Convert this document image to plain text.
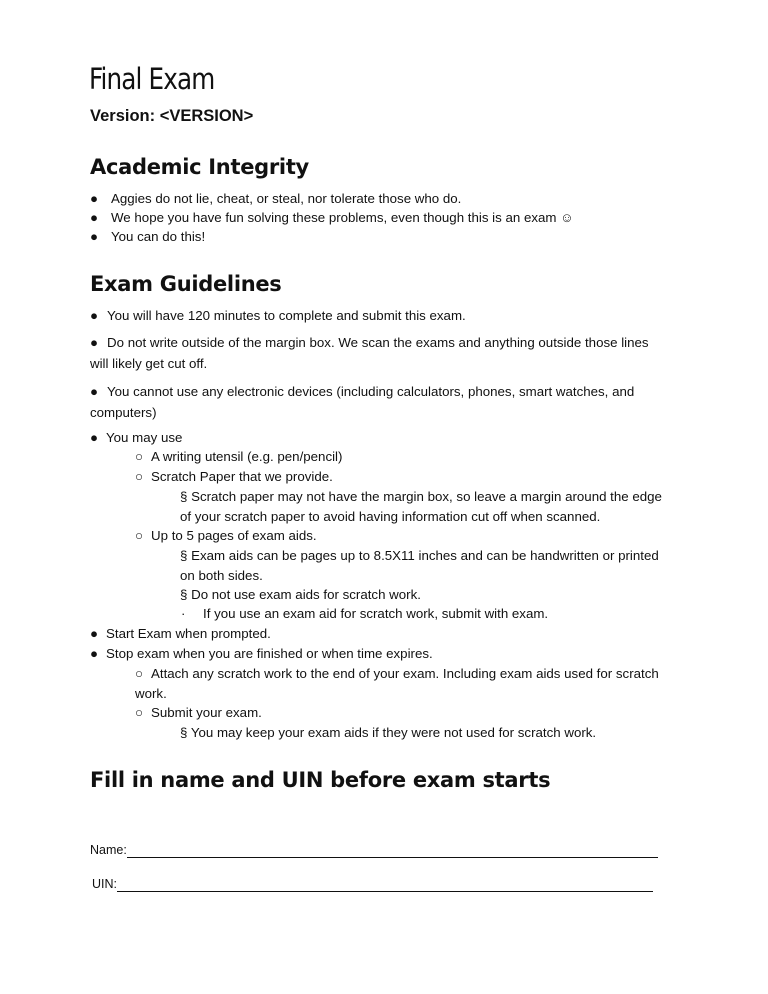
Final Exam
Version: <VERSION>
Academic Integrity
● Aggies do not lie, cheat, or steal, nor tolerate those who do.
● We hope you have fun solving these problems, even though this is an exam ☺
● You can do this!
Exam Guidelines
● You will have 120 minutes to complete and submit this exam.
● Do not write outside of the margin box. We scan the exams and anything outside those lines
will likely get cut off.
● You cannot use any electronic devices (including calculators, phones, smart watches, and
computers)
● You may use
○ A writing utensil (e.g. pen/pencil)
○ Scratch Paper that we provide.
§ Scratch paper may not have the margin box, so leave a margin around the edge
of your scratch paper to avoid having information cut off when scanned.
○ Up to 5 pages of exam aids.
§ Exam aids can be pages up to 8.5X11 inches and can be handwritten or printed
on both sides.
§ Do not use exam aids for scratch work.
· If you use an exam aid for scratch work, submit with exam.
● Start Exam when prompted.
● Stop exam when you are finished or when time expires.
○ Attach any scratch work to the end of your exam. Including exam aids used for scratch
work.
○ Submit your exam.
§ You may keep your exam aids if they were not used for scratch work.
Fill in name and UIN before exam starts
Name:
UIN:
